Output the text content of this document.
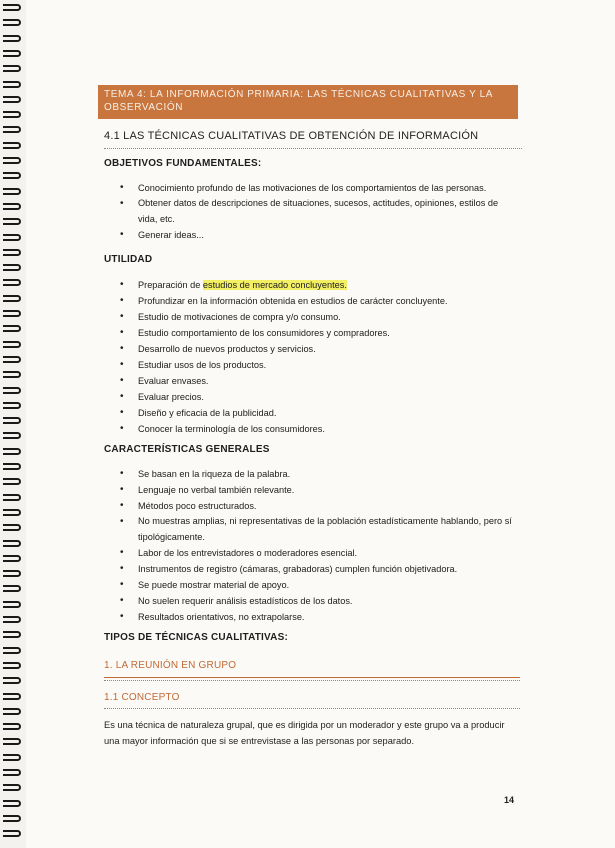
TEMA 4: LA INFORMACIÓN PRIMARIA: LAS TÉCNICAS CUALITATIVAS Y LA OBSERVACIÓN
4.1 LAS TÉCNICAS CUALITATIVAS DE OBTENCIÓN DE INFORMACIÓN
OBJETIVOS FUNDAMENTALES:
• Conocimiento profundo de las motivaciones de los comportamientos de las personas.
• Obtener datos de descripciones de situaciones, sucesos, actitudes, opiniones, estilos de vida, etc.
• Generar ideas...
UTILIDAD
• Preparación de estudios de mercado concluyentes.
• Profundizar en la información obtenida en estudios de carácter concluyente.
• Estudio de motivaciones de compra y/o consumo.
• Estudio comportamiento de los consumidores y compradores.
• Desarrollo de nuevos productos y servicios.
• Estudiar usos de los productos.
• Evaluar envases.
• Evaluar precios.
• Diseño y eficacia de la publicidad.
• Conocer la terminología de los consumidores.
CARACTERÍSTICAS GENERALES
• Se basan en la riqueza de la palabra.
• Lenguaje no verbal también relevante.
• Métodos poco estructurados.
• No muestras amplias, ni representativas de la población estadísticamente hablando, pero sí tipológicamente.
• Labor de los entrevistadores o moderadores esencial.
• Instrumentos de registro (cámaras, grabadoras) cumplen función objetivadora.
• Se puede mostrar material de apoyo.
• No suelen requerir análisis estadísticos de los datos.
• Resultados orientativos, no extrapolarse.
TIPOS DE TÉCNICAS CUALITATIVAS:
1. LA REUNIÓN EN GRUPO
1.1 CONCEPTO
Es una técnica de naturaleza grupal, que es dirigida por un moderador y este grupo va a producir una mayor información que si se entrevistase a las personas por separado.
14
